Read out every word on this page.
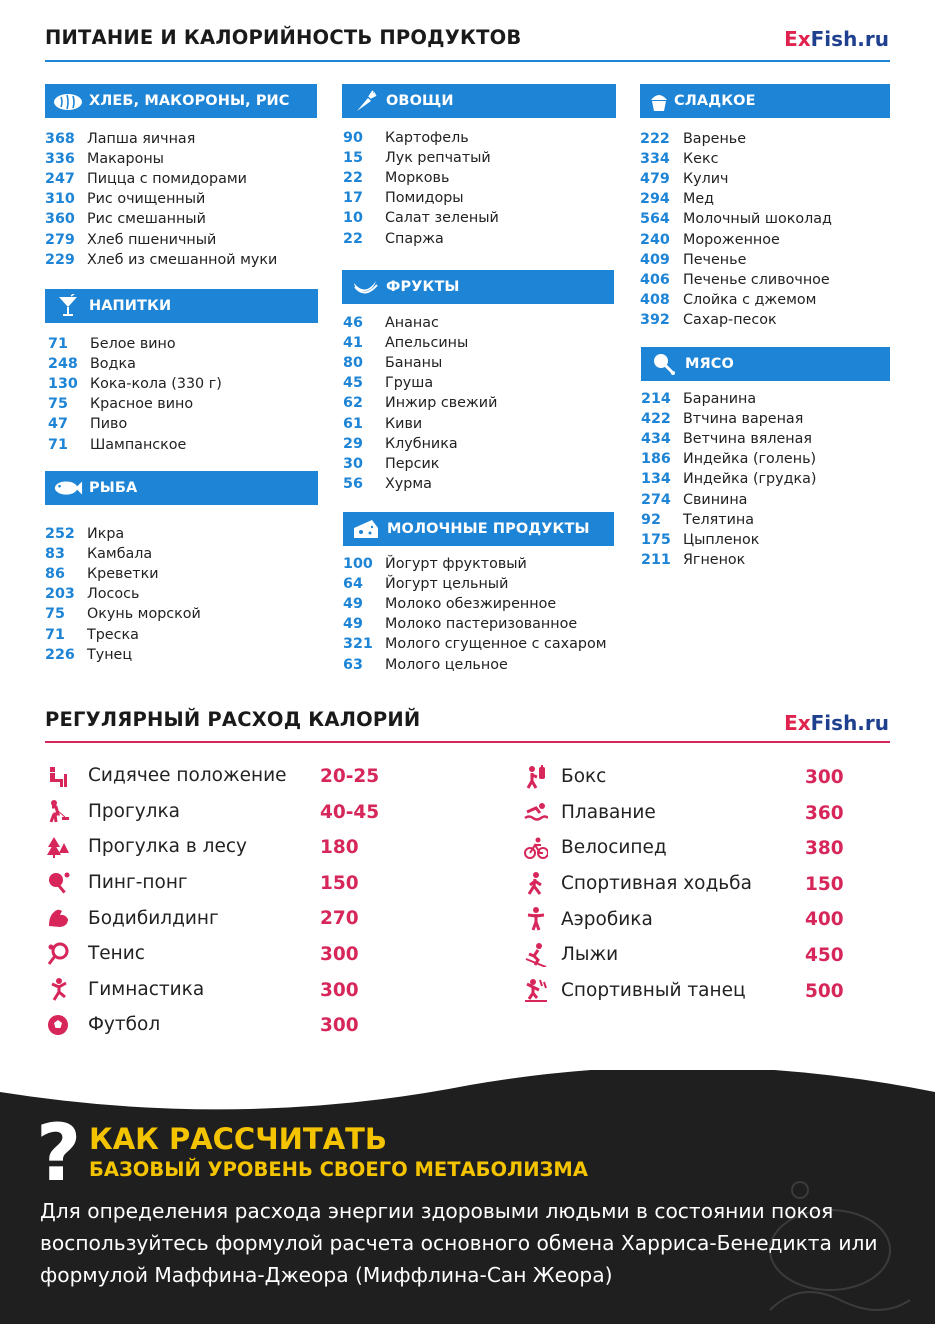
ПИТАНИЕ И КАЛОРИЙНОСТЬ ПРОДУКТОВ	ExFish.ru
ХЛЕБ, МАКОРОНЫ, РИС
368 Лапша яичная
336 Макароны
247 Пицца с помидорами
310 Рис очищенный
360 Рис смешанный
279 Хлеб пшеничный
229 Хлеб из смешанной муки
НАПИТКИ
71	Белое вино
248 Водка
130 Кока-кола (330 г)
75	Красное вино
47	Пиво
71	Шампанское
РЫБА
252 Икра
83	Камбала
86	Креветки
203 Лосось
75	Окунь морской
71	Треска
226 Тунец
ОВОЩИ
90	Картофель
15	Лук репчатый
22	Морковь
17	Помидоры
10	Салат зеленый
22	Спаржа
ФРУКТЫ
46	Ананас
41	Апельсины
80	Бананы
45	Груша
62	Инжир свежий
61	Киви
29	Клубника
30	Персик
56	Хурма
МОЛОЧНЫЕ ПРОДУКТЫ
100 Йогурт фруктовый
64	Йогурт цельный
49	Молоко обезжиренное
49	Молоко пастеризованное
321 Молого сгущенное с сахаром
63	Молого цельное
СЛАДКОЕ
222 Варенье
334 Кекс
479 Кулич
294 Мед
564 Молочный шоколад
240 Мороженное
409 Печенье
406 Печенье сливочное
408 Слойка с джемом
392 Сахар-песок
МЯСО
214 Баранина
422 Втчина вареная
434 Ветчина вяленая
186 Индейка (голень)
134 Индейка (грудка)
274 Свинина
92	Телятина
175 Цыпленок
211 Ягненок
РЕГУЛЯРНЫЙ РАСХОД КАЛОРИЙ	ExFish.ru
Сидячее положение 20-25
Прогулка	40-45
Прогулка в лесу	180
Пинг-понг	150
Бодибилдинг	270
Тенис	300
Гимнастика	300
Футбол	300
Бокс	300
Плавание	360
Велосипед	380
Спортивная ходьба	150
Аэробика	400
Лыжи	450
Спортивный танец	500
? КАК РАССЧИТАТЬ
БАЗОВЫЙ УРОВЕНЬ СВОЕГО МЕТАБОЛИЗМА
Для определения расхода энергии здоровыми людьми в состоянии покоя воспользуйтесь формулой расчета основного обмена Харриса-Бенедикта или формулой Маффина-Джеора (Миффлина-Сан Жеора)
